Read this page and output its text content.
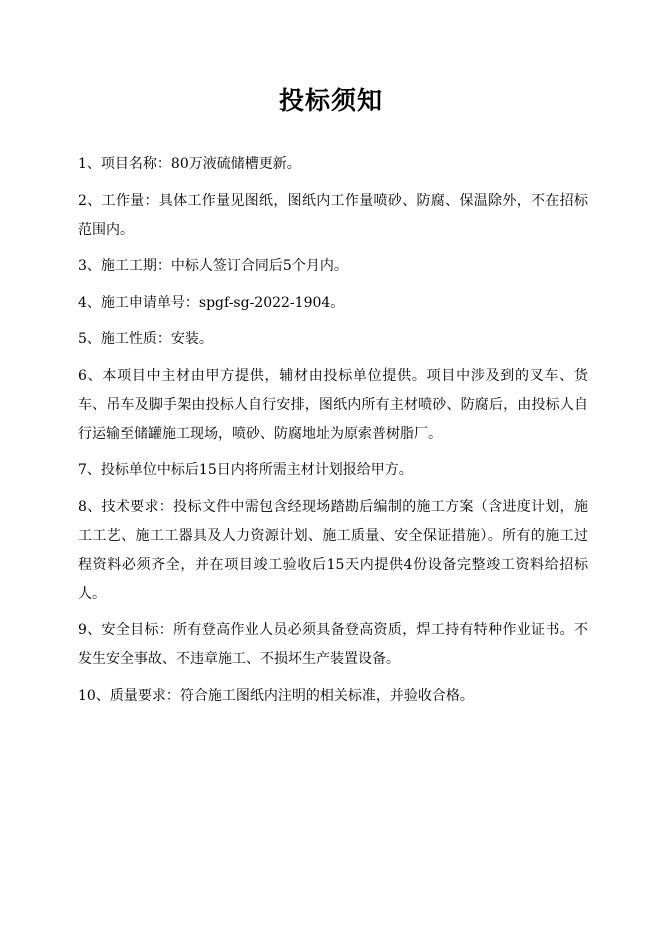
投标须知

1、项目名称：80万液硫储槽更新。

2、工作量：具体工作量见图纸，图纸内工作量喷砂、防腐、保温除外，不在招标范围内。

3、施工工期：中标人签订合同后5个月内。

4、施工申请单号：spgf-sg-2022-1904。

5、施工性质：安装。

6、本项目中主材由甲方提供，辅材由投标单位提供。项目中涉及到的叉车、货车、吊车及脚手架由投标人自行安排，图纸内所有主材喷砂、防腐后，由投标人自行运输至储罐施工现场，喷砂、防腐地址为原索普树脂厂。

7、投标单位中标后15日内将所需主材计划报给甲方。

8、技术要求：投标文件中需包含经现场踏勘后编制的施工方案（含进度计划，施工工艺、施工工器具及人力资源计划、施工质量、安全保证措施）。所有的施工过程资料必须齐全，并在项目竣工验收后15天内提供4份设备完整竣工资料给招标人。

9、安全目标：所有登高作业人员必须具备登高资质，焊工持有特种作业证书。不发生安全事故、不违章施工、不损坏生产装置设备。

10、质量要求：符合施工图纸内注明的相关标准，并验收合格。
